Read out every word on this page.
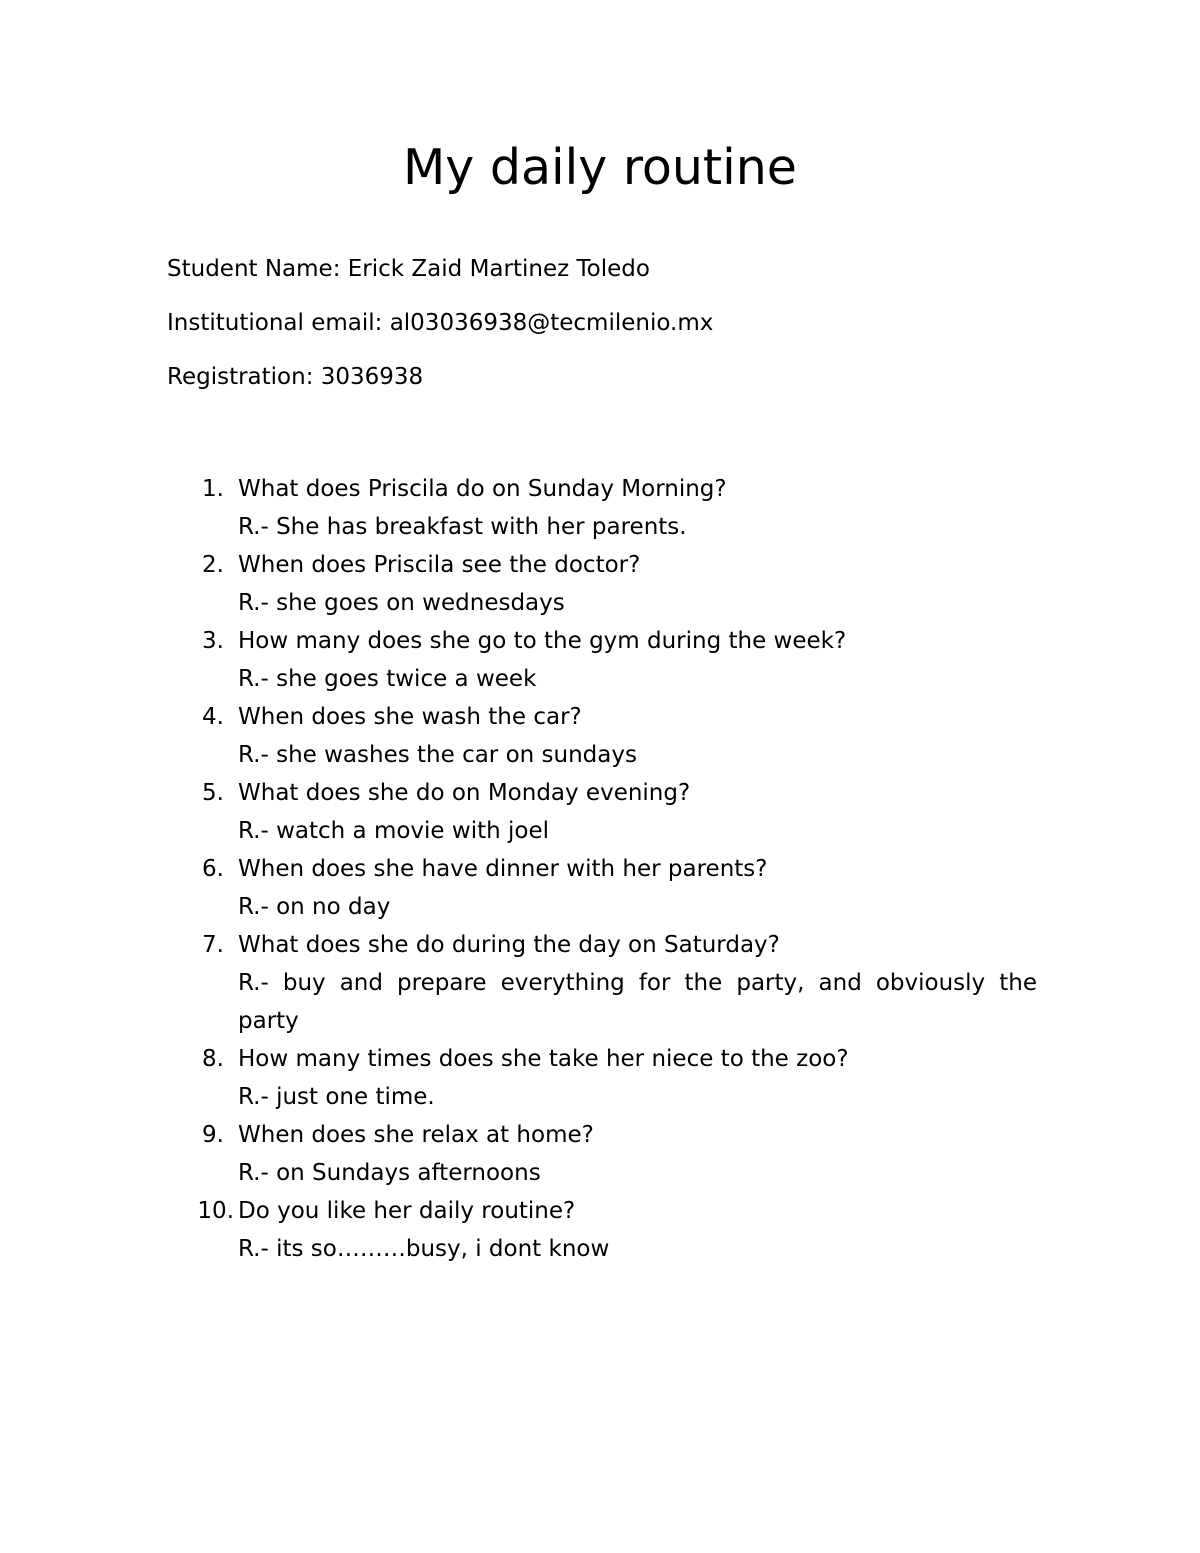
My daily routine

Student Name: Erick Zaid Martinez Toledo

Institutional email: al03036938@tecmilenio.mx

Registration: 3036938

1. What does Priscila do on Sunday Morning?
R.- She has breakfast with her parents.
2. When does Priscila see the doctor?
R.- she goes on wednesdays
3. How many does she go to the gym during the week?
R.- she goes twice a week
4. When does she wash the car?
R.- she washes the car on sundays
5. What does she do on Monday evening?
R.- watch a movie with joel
6. When does she have dinner with her parents?
R.- on no day
7. What does she do during the day on Saturday?
R.- buy and prepare everything for the party, and obviously the party
8. How many times does she take her niece to the zoo?
R.- just one time.
9. When does she relax at home?
R.- on Sundays afternoons
10. Do you like her daily routine?
R.- its so………busy, i dont know
